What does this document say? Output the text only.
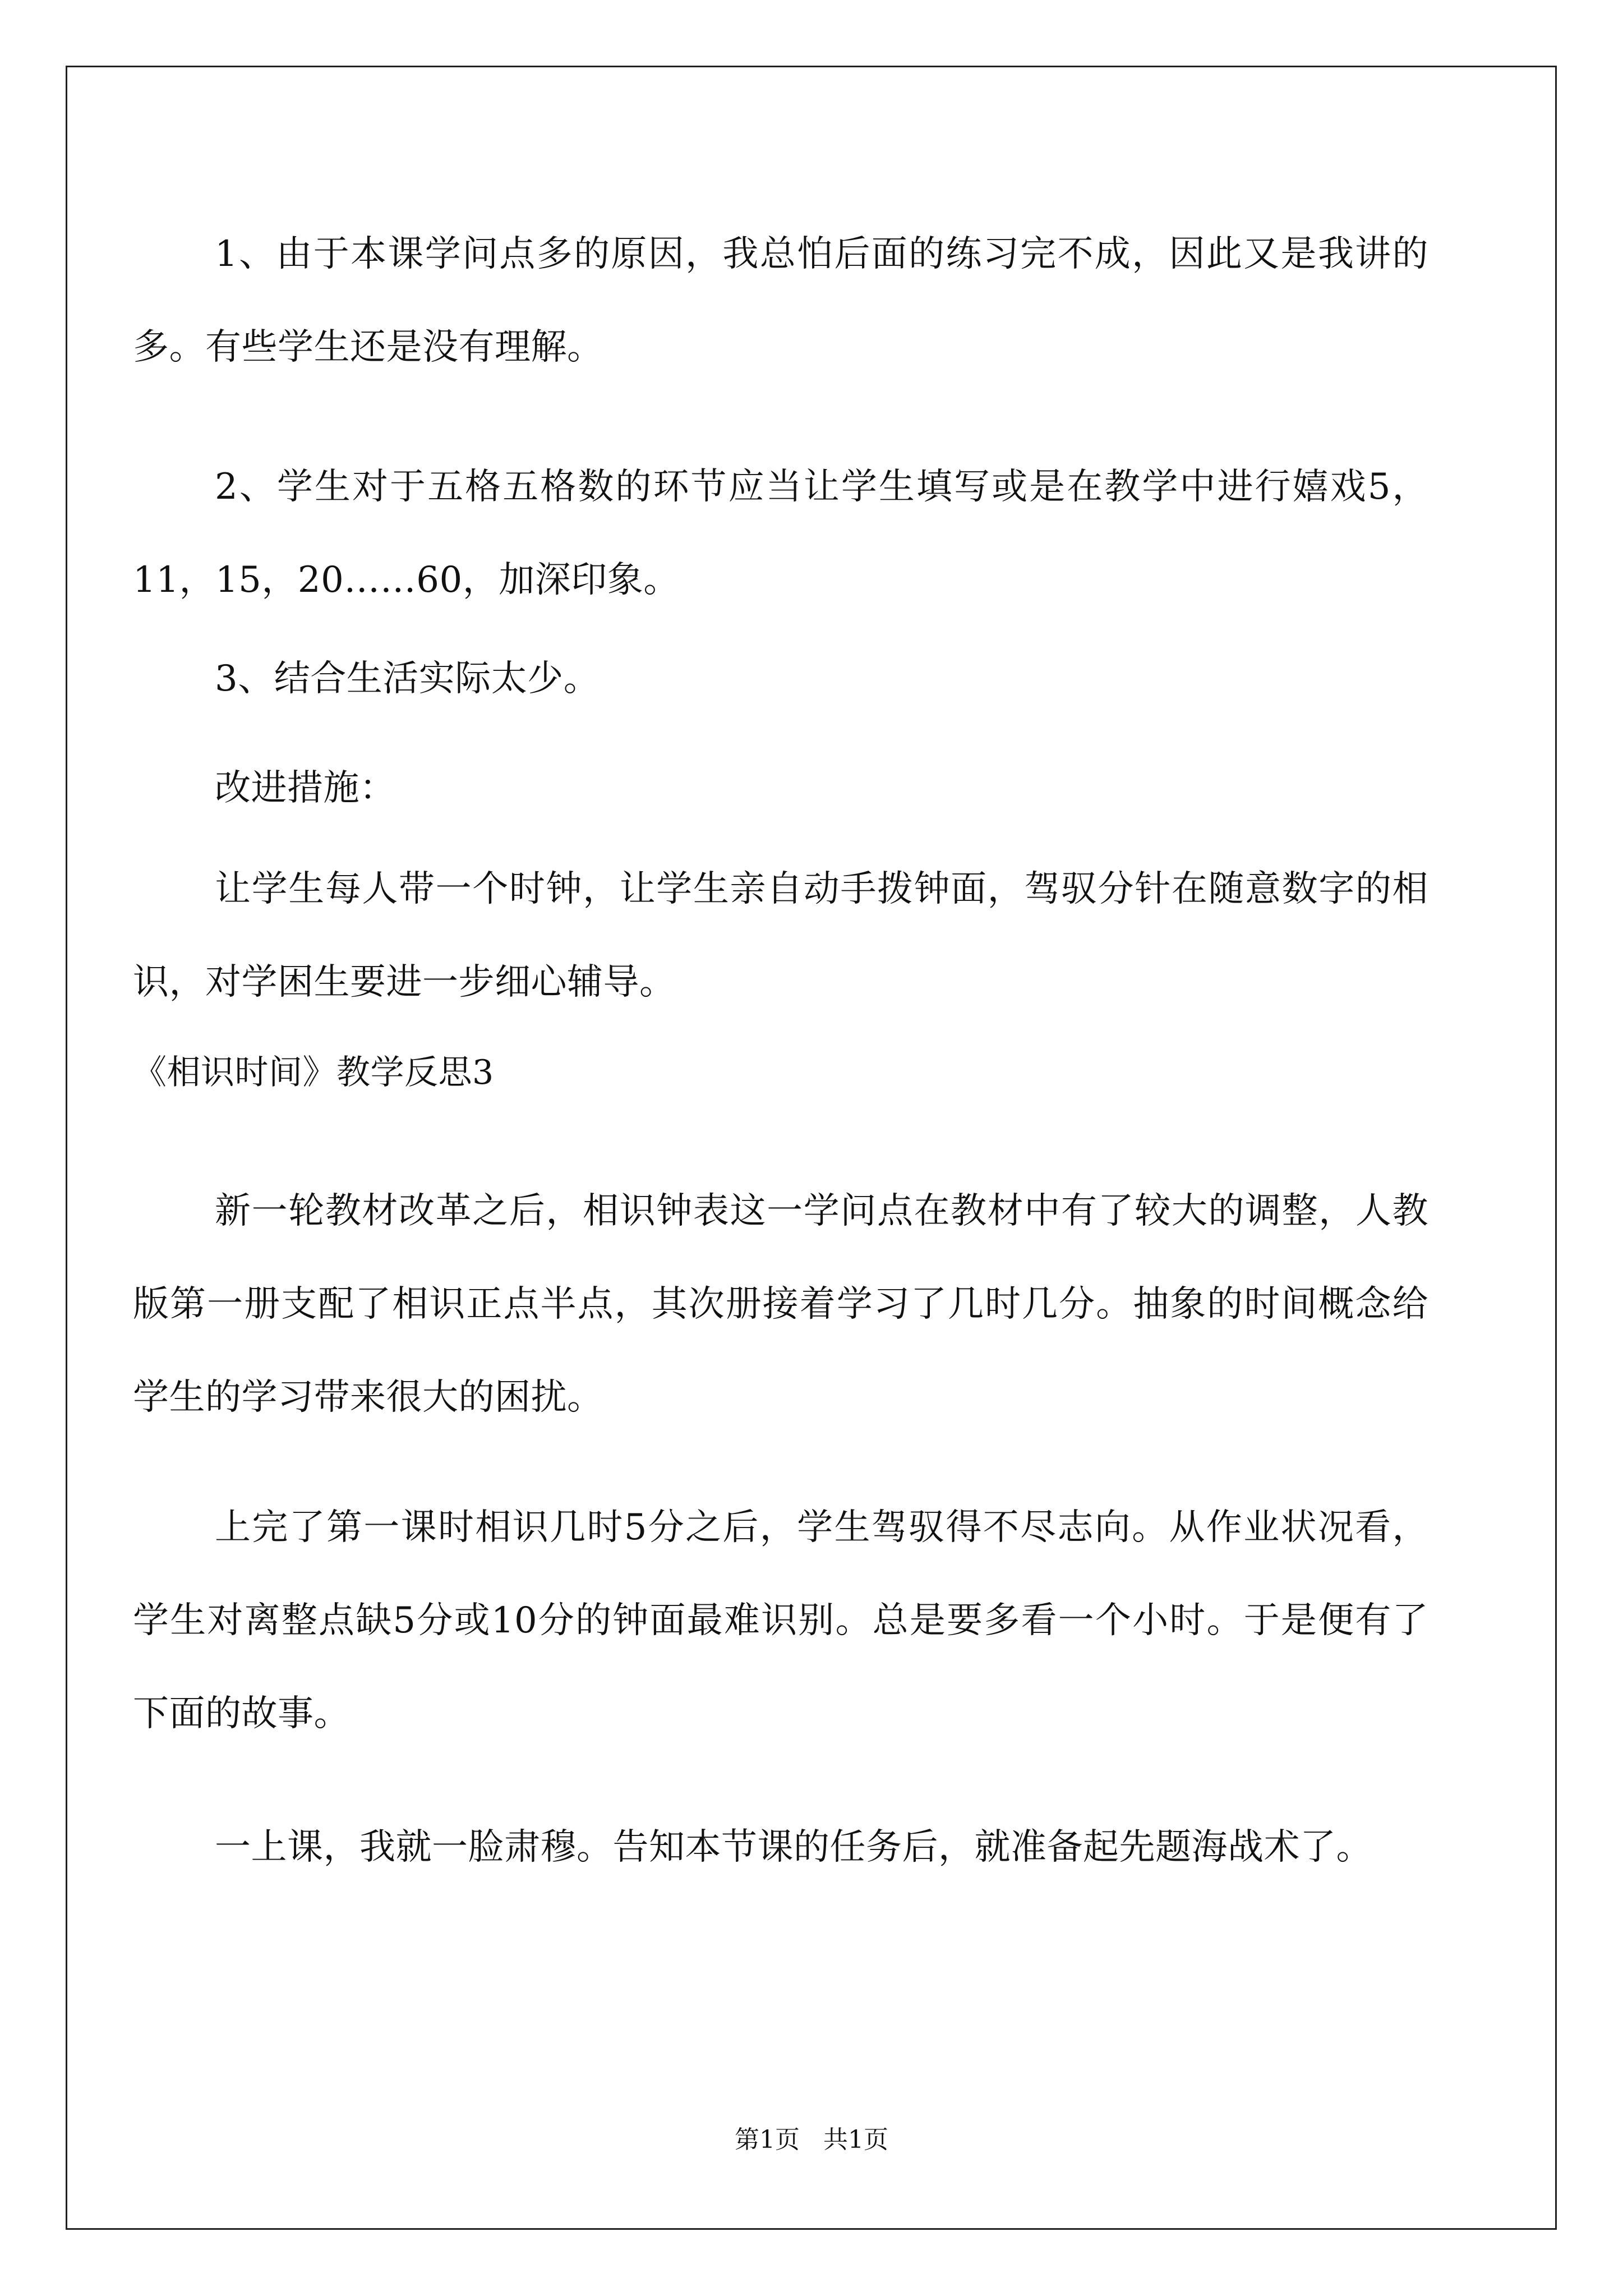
1、由于本课学问点多的原因，我总怕后面的练习完不成，因此又是我讲的多。有些学生还是没有理解。

2、学生对于五格五格数的环节应当让学生填写或是在教学中进行嬉戏5，11，15，20……60，加深印象。

3、结合生活实际太少。

改进措施：

让学生每人带一个时钟，让学生亲自动手拨钟面，驾驭分针在随意数字的相识，对学困生要进一步细心辅导。

《相识时间》教学反思3

新一轮教材改革之后，相识钟表这一学问点在教材中有了较大的调整，人教版第一册支配了相识正点半点，其次册接着学习了几时几分。抽象的时间概念给学生的学习带来很大的困扰。

上完了第一课时相识几时5分之后，学生驾驭得不尽志向。从作业状况看，学生对离整点缺5分或10分的钟面最难识别。总是要多看一个小时。于是便有了下面的故事。

一上课，我就一脸肃穆。告知本节课的任务后，就准备起先题海战术了。

第1页   共1页
